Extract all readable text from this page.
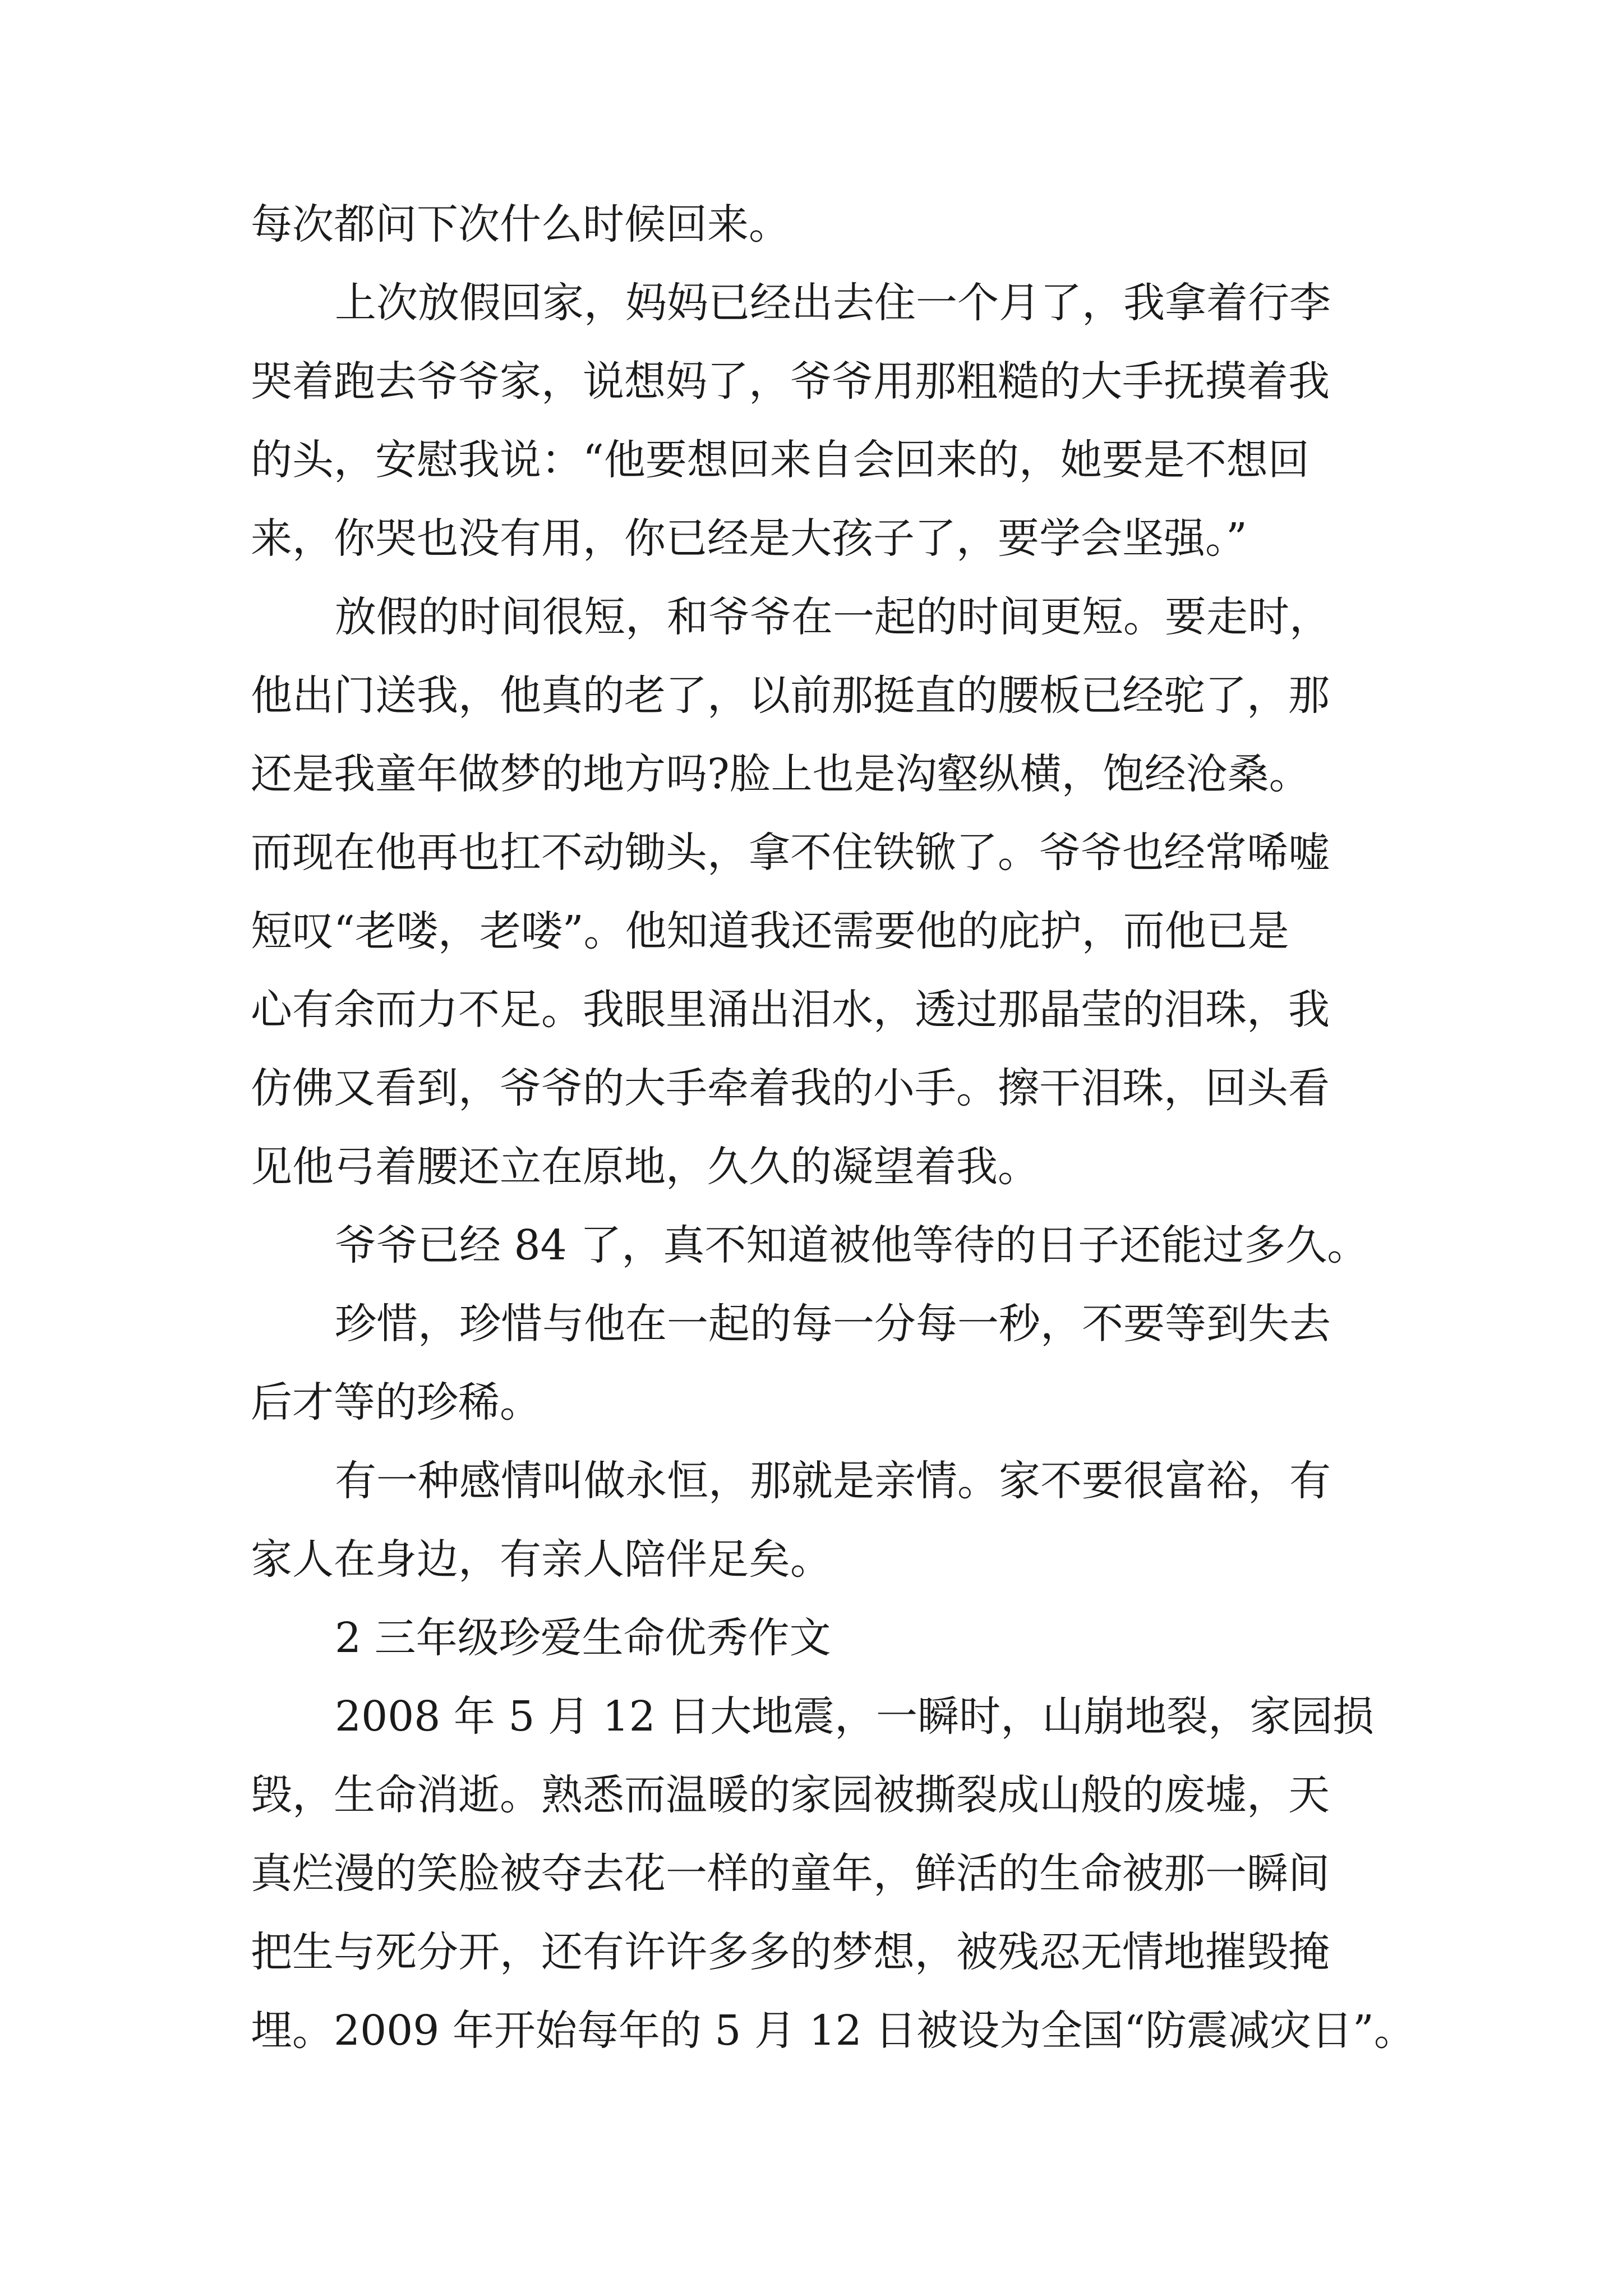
每次都问下次什么时候回来。
上次放假回家，妈妈已经出去住一个月了，我拿着行李
哭着跑去爷爷家，说想妈了，爷爷用那粗糙的大手抚摸着我
的头，安慰我说：“他要想回来自会回来的，她要是不想回
来，你哭也没有用，你已经是大孩子了，要学会坚强。”
放假的时间很短，和爷爷在一起的时间更短。要走时，
他出门送我，他真的老了，以前那挺直的腰板已经驼了，那
还是我童年做梦的地方吗?脸上也是沟壑纵横，饱经沧桑。
而现在他再也扛不动锄头，拿不住铁锨了。爷爷也经常唏嘘
短叹“老喽，老喽”。他知道我还需要他的庇护，而他已是
心有余而力不足。我眼里涌出泪水，透过那晶莹的泪珠，我
仿佛又看到，爷爷的大手牵着我的小手。擦干泪珠，回头看
见他弓着腰还立在原地，久久的凝望着我。
爷爷已经 84 了，真不知道被他等待的日子还能过多久。
珍惜，珍惜与他在一起的每一分每一秒，不要等到失去
后才等的珍稀。
有一种感情叫做永恒，那就是亲情。家不要很富裕，有
家人在身边，有亲人陪伴足矣。
2 三年级珍爱生命优秀作文
2008 年 5 月 12 日大地震，一瞬时，山崩地裂，家园损
毁，生命消逝。熟悉而温暖的家园被撕裂成山般的废墟，天
真烂漫的笑脸被夺去花一样的童年，鲜活的生命被那一瞬间
把生与死分开，还有许许多多的梦想，被残忍无情地摧毁掩
埋。2009 年开始每年的 5 月 12 日被设为全国“防震减灾日”。
